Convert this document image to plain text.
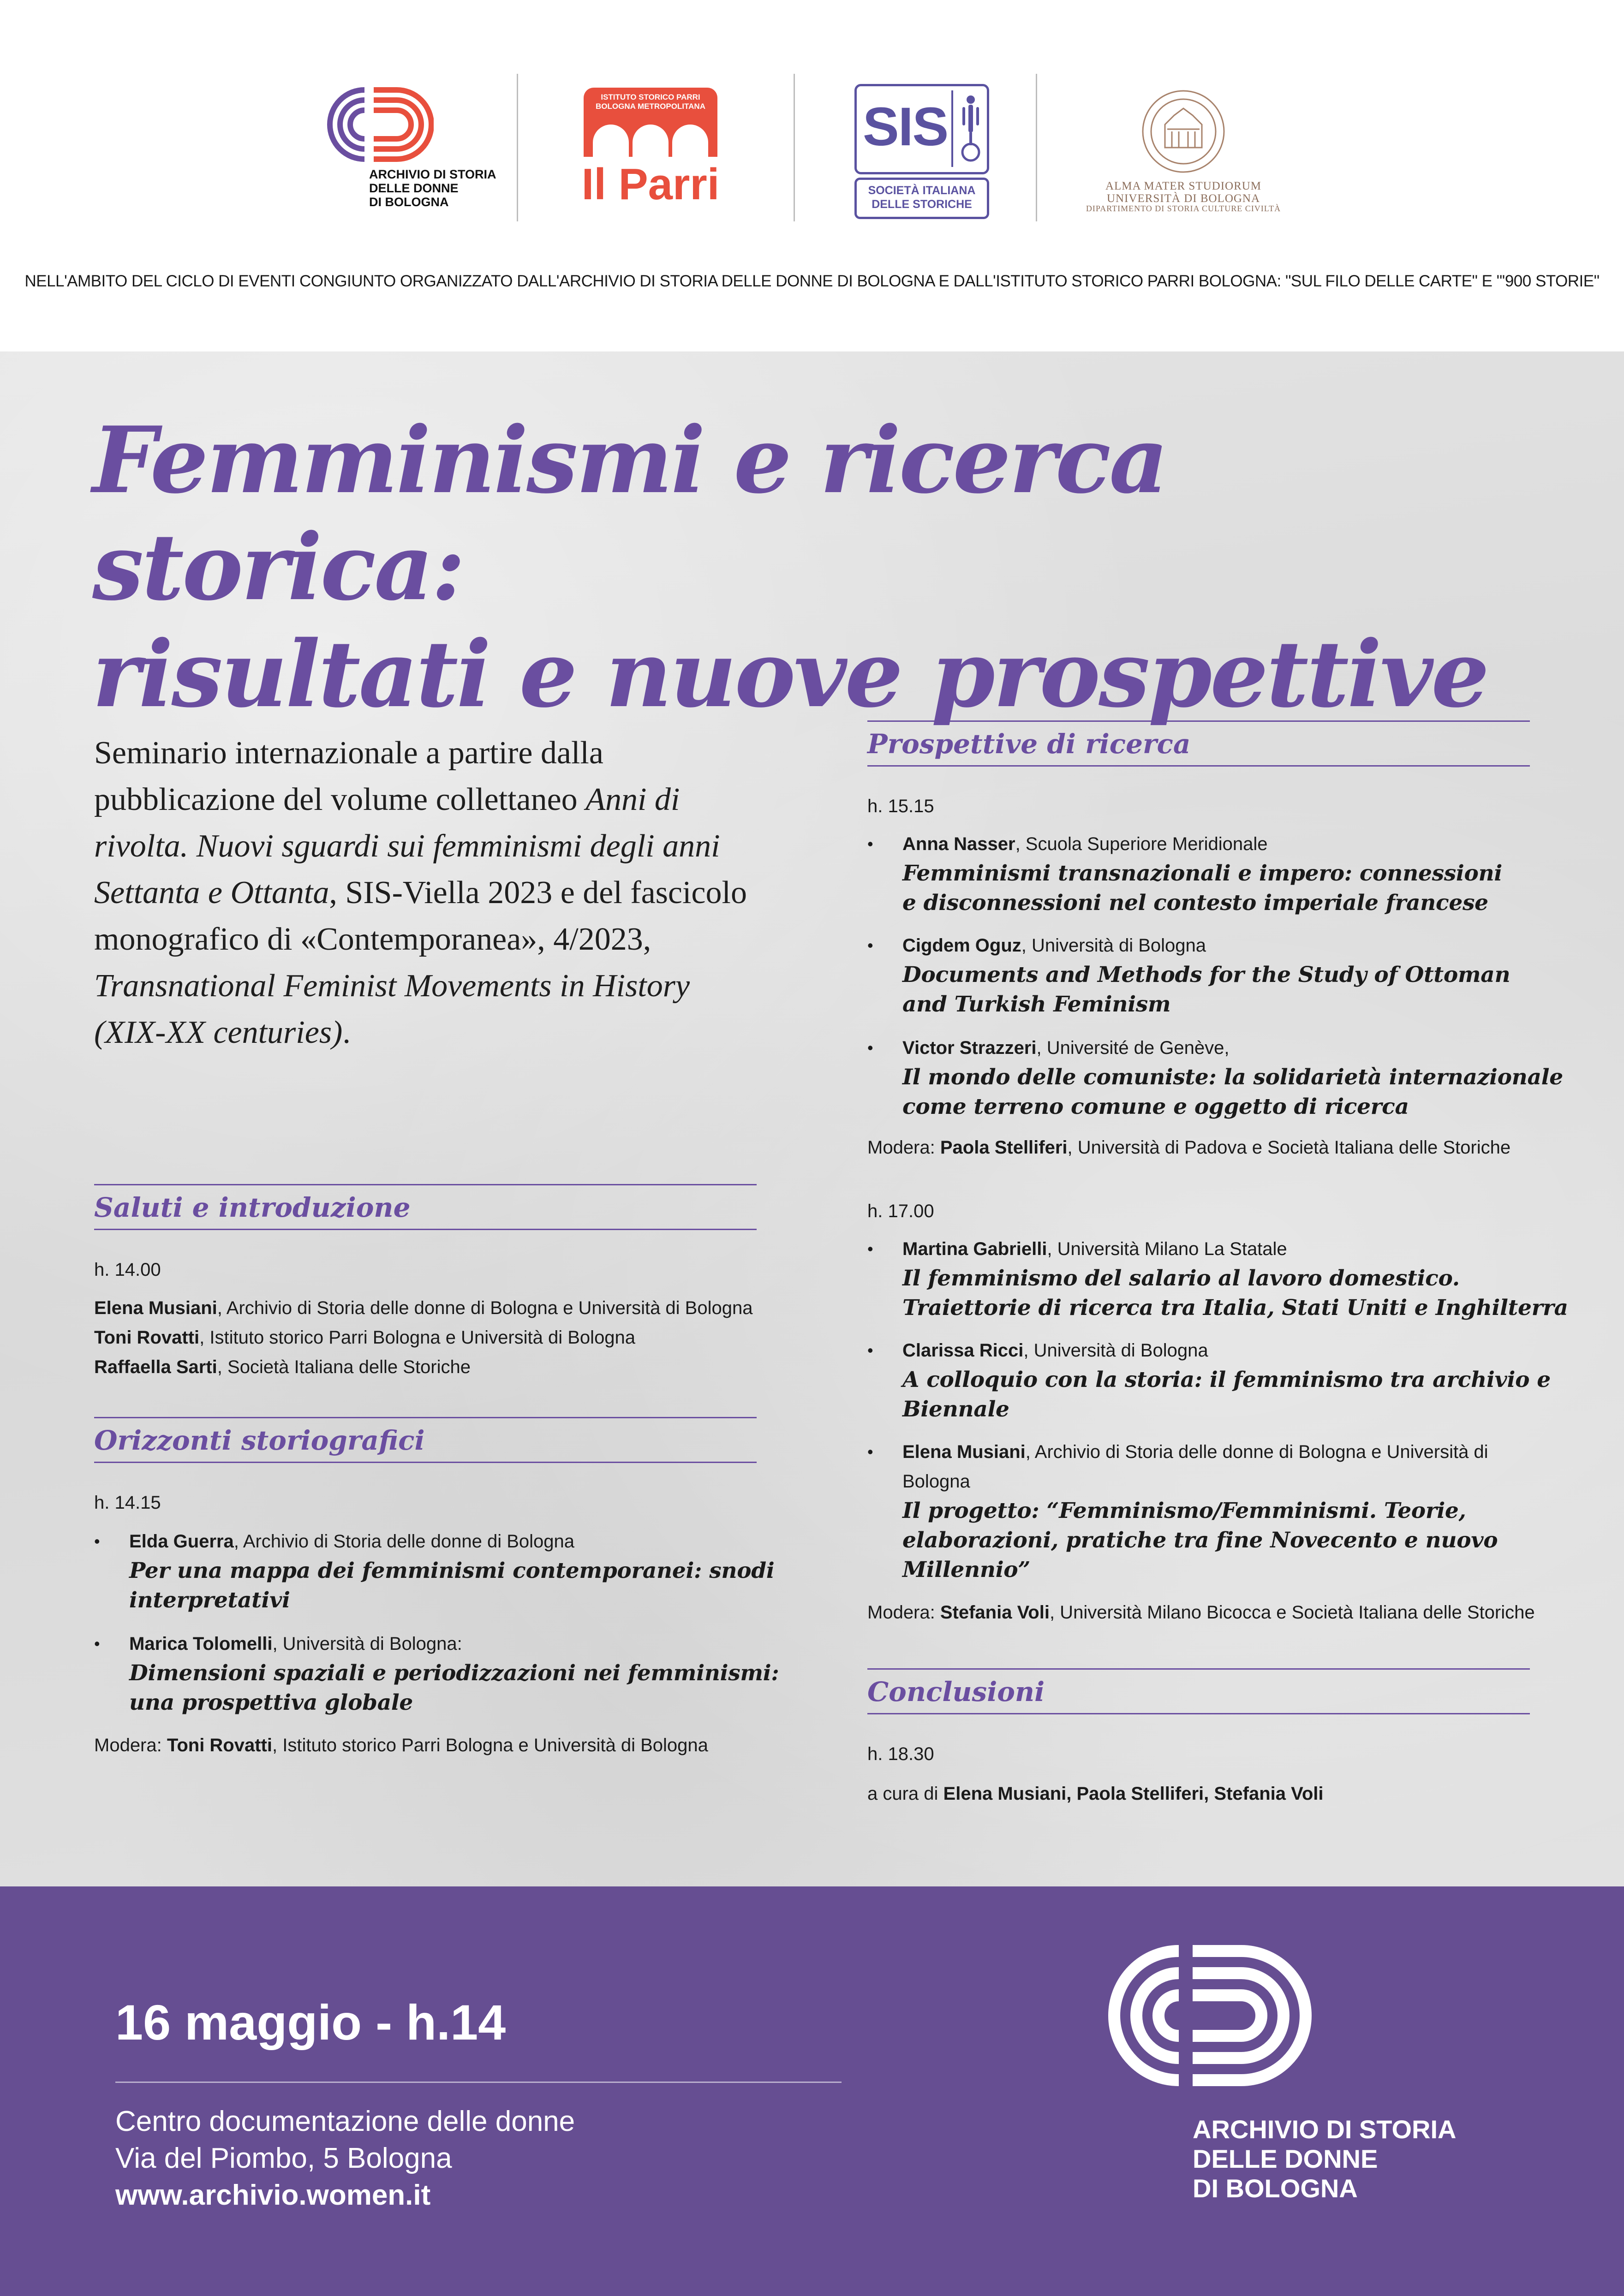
ARCHIVIO DI STORIA
DELLE DONNE
DI BOLOGNA
ISTITUTO STORICO PARRI
BOLOGNA METROPOLITANA
Il Parri
SIS
SOCIETÀ ITALIANA
DELLE STORICHE
ALMA MATER STUDIORUM
UNIVERSITÀ DI BOLOGNA
DIPARTIMENTO DI STORIA CULTURE CIVILTÀ
NELL'AMBITO DEL CICLO DI EVENTI CONGIUNTO ORGANIZZATO DALL'ARCHIVIO DI STORIA DELLE DONNE DI BOLOGNA E DALL'ISTITUTO STORICO PARRI BOLOGNA: "SUL FILO DELLE CARTE" E "'900 STORIE"
Femminismi e ricerca storica:
risultati e nuove prospettive
Seminario internazionale a partire dalla pubblicazione del volume collettaneo Anni di rivolta. Nuovi sguardi sui femminismi degli anni Settanta e Ottanta, SIS-Viella 2023 e del fascicolo monografico di «Contemporanea», 4/2023, Transnational Feminist Movements in History (XIX-XX centuries).
Saluti e introduzione
h. 14.00
Elena Musiani, Archivio di Storia delle donne di Bologna e Università di Bologna
Toni Rovatti, Istituto storico Parri Bologna e Università di Bologna
Raffaella Sarti, Società Italiana delle Storiche
Orizzonti storiografici
h. 14.15
• Elda Guerra, Archivio di Storia delle donne di Bologna
Per una mappa dei femminismi contemporanei: snodi
interpretativi
• Marica Tolomelli, Università di Bologna:
Dimensioni spaziali e periodizzazioni nei femminismi:
una prospettiva globale
Modera: Toni Rovatti, Istituto storico Parri Bologna e Università di Bologna
Prospettive di ricerca
h. 15.15
• Anna Nasser, Scuola Superiore Meridionale
Femminismi transnazionali e impero: connessioni
e disconnessioni nel contesto imperiale francese
• Cigdem Oguz, Università di Bologna
Documents and Methods for the Study of Ottoman
and Turkish Feminism
• Victor Strazzeri, Université de Genève,
Il mondo delle comuniste: la solidarietà internazionale
come terreno comune e oggetto di ricerca
Modera: Paola Stelliferi, Università di Padova e Società Italiana delle Storiche
h. 17.00
• Martina Gabrielli, Università Milano La Statale
Il femminismo del salario al lavoro domestico.
Traiettorie di ricerca tra Italia, Stati Uniti e Inghilterra
• Clarissa Ricci, Università di Bologna
A colloquio con la storia: il femminismo tra archivio e
Biennale
• Elena Musiani, Archivio di Storia delle donne di Bologna e Università di
Bologna
Il progetto: “Femminismo/Femminismi. Teorie,
elaborazioni, pratiche tra fine Novecento e nuovo
Millennio”
Modera: Stefania Voli, Università Milano Bicocca e Società Italiana delle Storiche
Conclusioni
h. 18.30
a cura di Elena Musiani, Paola Stelliferi, Stefania Voli
16 maggio - h.14
Centro documentazione delle donne
Via del Piombo, 5 Bologna
www.archivio.women.it
ARCHIVIO DI STORIA
DELLE DONNE
DI BOLOGNA
